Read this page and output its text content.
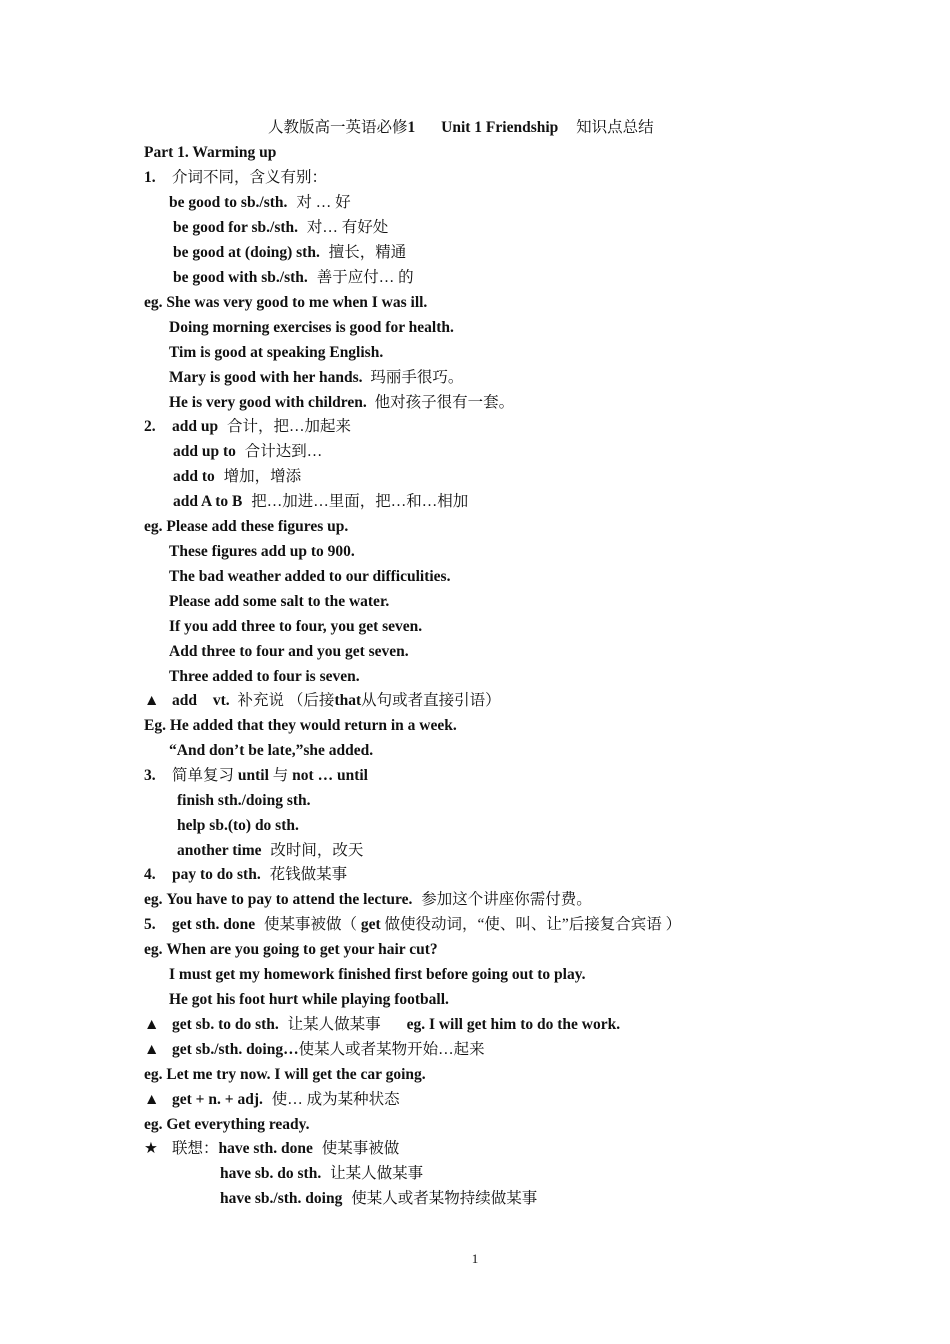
人教版高一英语必修1 Unit 1 Friendship 知识点总结
Part 1. Warming up
1. 介词不同，含义有别：
be good to sb./sth. 对 … 好
be good for sb./sth. 对… 有好处
be good at (doing) sth. 擅长，精通
be good with sb./sth. 善于应付… 的
eg. She was very good to me when I was ill.
Doing morning exercises is good for health.
Tim is good at speaking English.
Mary is good with her hands. 玛丽手很巧。
He is very good with children. 他对孩子很有一套。
2. add up 合计，把…加起来
add up to 合计达到…
add to 增加，增添
add A to B 把…加进…里面，把…和…相加
eg. Please add these figures up.
These figures add up to 900.
The bad weather added to our difficulities.
Please add some salt to the water.
If you add three to four, you get seven.
Add three to four and you get seven.
Three added to four is seven.
▲ add vt. 补充说 （后接that从句或者直接引语）
Eg. He added that they would return in a week.
“And don’t be late,”she added.
3. 简单复习 until 与 not … until
finish sth./doing sth.
help sb.(to) do sth.
another time 改时间，改天
4. pay to do sth. 花钱做某事
eg. You have to pay to attend the lecture. 参加这个讲座你需付费。
5. get sth. done 使某事被做（ get 做使役动词，“使、叫、让”后接复合宾语 ）
eg. When are you going to get your hair cut?
I must get my homework finished first before going out to play.
He got his foot hurt while playing football.
▲ get sb. to do sth. 让某人做某事 eg. I will get him to do the work.
▲ get sb./sth. doing…使某人或者某物开始…起来
eg. Let me try now. I will get the car going.
▲ get + n. + adj. 使… 成为某种状态
eg. Get everything ready.
★ 联想：have sth. done 使某事被做
have sb. do sth. 让某人做某事
have sb./sth. doing 使某人或者某物持续做某事
1
